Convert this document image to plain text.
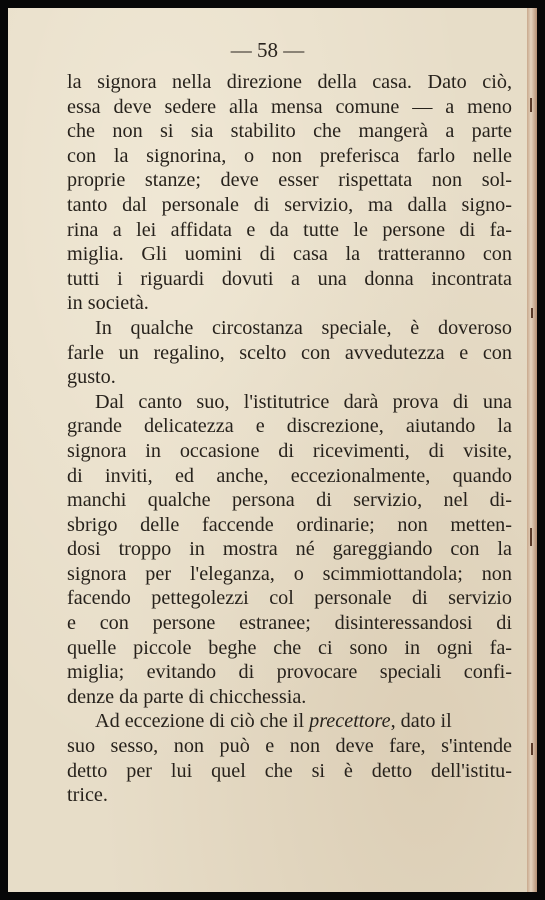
— 58 —
la signora nella direzione della casa. Dato ciò,
essa deve sedere alla mensa comune — a meno
che non si sia stabilito che mangerà a parte
con la signorina, o non preferisca farlo nelle
proprie stanze; deve esser rispettata non sol-
tanto dal personale di servizio, ma dalla signo-
rina a lei affidata e da tutte le persone di fa-
miglia. Gli uomini di casa la tratteranno con
tutti i riguardi dovuti a una donna incontrata
in società.
In qualche circostanza speciale, è doveroso
farle un regalino, scelto con avvedutezza e con
gusto.
Dal canto suo, l'istitutrice darà prova di una
grande delicatezza e discrezione, aiutando la
signora in occasione di ricevimenti, di visite,
di inviti, ed anche, eccezionalmente, quando
manchi qualche persona di servizio, nel di-
sbrigo delle faccende ordinarie; non metten-
dosi troppo in mostra né gareggiando con la
signora per l'eleganza, o scimmiottandola; non
facendo pettegolezzi col personale di servizio
e con persone estranee; disinteressandosi di
quelle piccole beghe che ci sono in ogni fa-
miglia; evitando di provocare speciali confi-
denze da parte di chicchessia.
Ad eccezione di ciò che il precettore, dato il
suo sesso, non può e non deve fare, s'intende
detto per lui quel che si è detto dell'istitu-
trice.
